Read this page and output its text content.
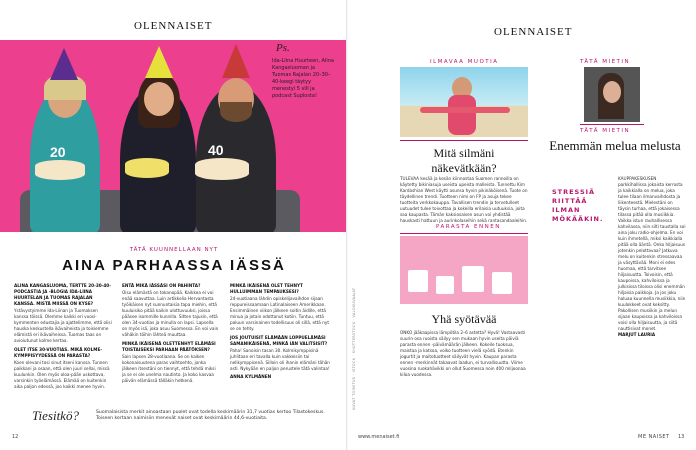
OLENNAISET
20	40
Ps.
Ida-Liina Huurteen, Alina Kangasluoman ja Tuomas Rajalan 20–30–40-keegi täytyy menestyi 5 vill ja podcast Suplosta!
TÄTÄ KUUNNELLAAN NYT
AINA PARHAASSA IÄSSÄ
ALINA KANGASLUOMA, TERTTE 20-30-40-PODCASTIA JA -BLOGIA IDA-LIINA HUURTELAN JA TUOMAS RAJALAN KANSSA. MISTÄ MIISSÄ ON KYSE?
Ystävystyimme Ida-Liinan ja Tuomaksen kanssa töissä. Olemme kaikki eri vuosi-kymmenten edustajia ja ajattelimme, että olisi hauska keskustella ikävaiheista ja toisiemme elämistä eri ikävaiheissa. Tuomas taas on avioiutunut kolme kertaa.
OLET ITSE 30-VUOTIAS. MIKÄ KOLME-KYMPPISYYDESSÄ ON PARASTA?
Koen olevani tosi sinut itseni kanssa. Tunnen paikkani ja osaan, että olen juuri sellai, missä kuulunkin. Olen myös oloa-pään uskottava, varsinkin työelämässä. Elämää on kuitenkin aika paljon edessä, joo kaikki menee hyvin.
ENTÄ MIKÄ IÄSSÄSI ON PAHINTA?
Oisu elämästä on tokanopää. Kaikkea ei voi enää saavuttaa. Luin artikkelia Hervantasta työikäisen nyt sunnuntaisia tapa miehin, että kuuluisiko pitää kaikin ulottuvuuksi, joissa pääsee isommille kunnilla. Sitten tajusin, että olen 34-vuotias ja minulla on lapsi. Lapsella on myös isä, joka asuu Suomessa. En voi vain vähäkin töihin lähteä muuttaa.
MINKÄ IKÄISENÄ OLETTENHYT ELÄMÄSI TOISTAISEKSI PARHAAN PÄÄTÖKSEN?
Sain lapsen 28-vuotiaana. Se on kaiken kokonaisuutena paras vaihtoehto, jonka jälkeen itsestäni on tiennyt, että tehdä miksi ja se ei ole unelma nautinto. Ja koko kasvaa päivän elämässä tälläkin hetkenä.
MINKÄ IKÄISENÄ OLET TEHNYT HULLUIMMAN TEMPAUKSESI?
24-vuotiaana lähdin opiskelijavaihdon sijaan reppureissaamaan Latinalaiseen Amerikkaan. Ensimmäinen viikon jälkeen soitin äidille, että minua ja jotain odottanut kotiin. Tuntuu, että paluun varsinainen todellisuus oli sillä, että nyt se on tehty.
JOS JOUTUISIT ELÄMÄÄN LOPPUELÄMÄSI SAMANIKÄISENÄ, MINKÄ IÄN VALITSISIT?
Paha! Sanoisin tasan 30. Kolmikymppisinä juhlitaan eri tavalla kuin vakkeisiin tai nelikymppisenä. Silloin oli ihanin elämäni tähän asti. Nykyään en paljon perustele tätä valintaa!
ANNA KYLMÄNEN
Tiesitkö?	Suomalaisista merkit ainoastaan puolet ovat todella keskimäärin 31,7 vuotias kertoo Tilastokeskus. Toiseen kertaan naimisiin menevät naiset ovat keskimäärin 44,6-vuotiaita.
12
KUVAT TOIMITUS · ISTOCK · SHUTTERSTOCK · VALOKUVAAJAT
OLENNAISET
ILMAVAA MUOTIA
Mitä silmäni näkevätkään?
TULEVAA kesää ja kesän kiinnostaa Suomen rannoilla on käytetty bikiniasuja useista upeista malleista. Tunnettu Kim Kardashian West käytti asunsa hyvin pikinäköisenä. Tuote on täydellinen trendi. Tuotteen nimi on FP ja asuja tekee tuotteita verkkokauppa. Tavallisen trendin ja tervetulleet uutuudet tulee toivottaa ja kokeilla erilaisia uutuuksia, joita saa kaupasta. Tämän kaksiosaisen asun voi yhdistää hauskasti hattuun ja aurinkolaseihin sekä rantasandaaleihin.
PARASTA ENNEN
Yhä syötävää
ONKO jääkaapissa lämpötila 2–6 astetta? Hyvä! Vastaavasti suurin osa ruoista säilyy sen mukaan hyvin useita päiviä parasta ennen -päivämäärän jälkeen. Kokeile tuoksua, maistaa ja katsoa, voiko tuotteen vielä syödä. Etenkin jogurtit ja maitotuotteet säilyvät hyvin. Kaupan parasta ennen -merkinnät takaavat laadun, ei turvallisuutta. Viime vuosina ruokahävikki on ollut Suomessa noin 400 miljoonaa kiloa vuodessa.
TÄTÄ MIETIN
TÄTÄ MIETIN
Enemmän melua melusta
STRESSIÄ RIITTÄÄ ILMAN MÖKÄÄKIN.
KAUPPAKESKUSEN parkkihallissa jokaista kerrosta ja kaikkialla on melua, joka tulee tilaan ilmanvaihdosta ja liikenteestä. Mielestäni on täysin turhaa, että jokaisessa tilassa pitää olla musiikkia. Vaikka istun rauhallisessa kahvilassa, niin silti taustalla soi aina joku radio-ohjelma. En voi kuin ihmetellä, miksi kaikkialla pitää olla ääntä. Onko hiljaisuus jotenkin pelottavaa? Jatkuva melu on kuitenkin stressaavaa ja väsyttävää. Moni ei edes huomaa, että tarvitsee hiljaisuutta. Toivoisin, että kaupoissa, kahviloissa ja julkisissa tiloissa olisi enemmän hiljaisia paikkoja. Ja jos joku haluaa kuunnella musiikkia, niin kuulokkeet ovat keksitty. Pakollisen musiikin ja melun sijaan kaupoissa ja kahviloissa voisi olla hiljaisuutta, ja siitä nauttisivat monet.
MARJUT LAURIA
www.menaiset.fi	ME NAISET 13
